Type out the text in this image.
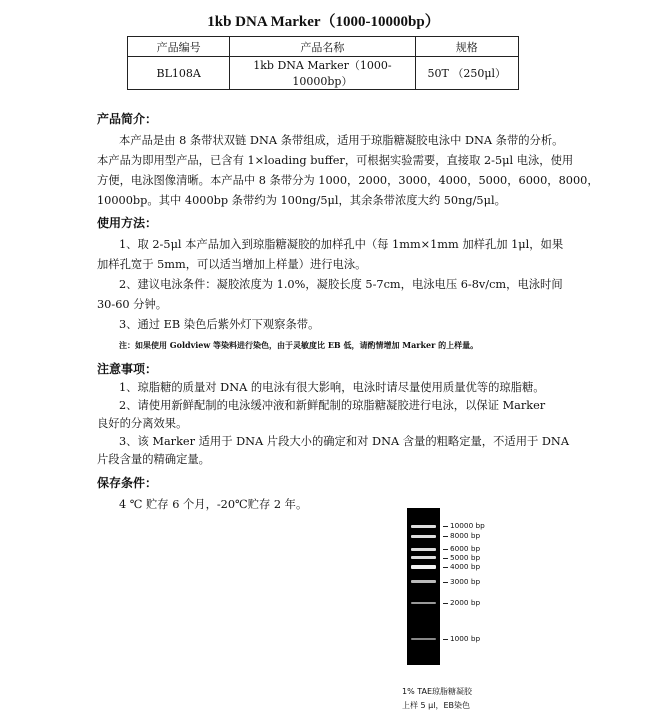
1kb DNA Marker（1000-10000bp）
产品编号	产品名称	规格
BL108A	1kb DNA Marker（1000-10000bp）	50T （250μl）
产品简介：
本产品是由 8 条带状双链 DNA 条带组成，适用于琼脂糖凝胶电泳中 DNA 条带的分析。
本产品为即用型产品，已含有 1×loading buffer，可根据实验需要，直接取 2-5μl 电泳，使用
方便，电泳图像清晰。本产品中 8 条带分为 1000，2000，3000，4000，5000，6000，8000，
10000bp。其中 4000bp 条带约为 100ng/5μl，其余条带浓度大约 50ng/5μl。
使用方法：
1、取 2-5μl 本产品加入到琼脂糖凝胶的加样孔中（每 1mm×1mm 加样孔加 1μl，如果
加样孔宽于 5mm，可以适当增加上样量）进行电泳。
2、建议电泳条件：凝胶浓度为 1.0%，凝胶长度 5-7cm，电泳电压 6-8v/cm，电泳时间
30-60 分钟。
3、通过 EB 染色后紫外灯下观察条带。
注：如果使用 Goldview 等染料进行染色，由于灵敏度比 EB 低，请酌情增加 Marker 的上样量。
注意事项：
1、琼脂糖的质量对 DNA 的电泳有很大影响，电泳时请尽量使用质量优等的琼脂糖。
2、请使用新鲜配制的电泳缓冲液和新鲜配制的琼脂糖凝胶进行电泳，以保证 Marker
良好的分离效果。
3、该 Marker 适用于 DNA 片段大小的确定和对 DNA 含量的粗略定量，不适用于 DNA
片段含量的精确定量。
保存条件：
4 ℃ 贮存 6 个月，-20℃贮存 2 年。
10000 bp
8000 bp
6000 bp
5000 bp
4000 bp
3000 bp
2000 bp
1000 bp
1% TAE琼脂糖凝胶
上样 5 μl，EB染色
